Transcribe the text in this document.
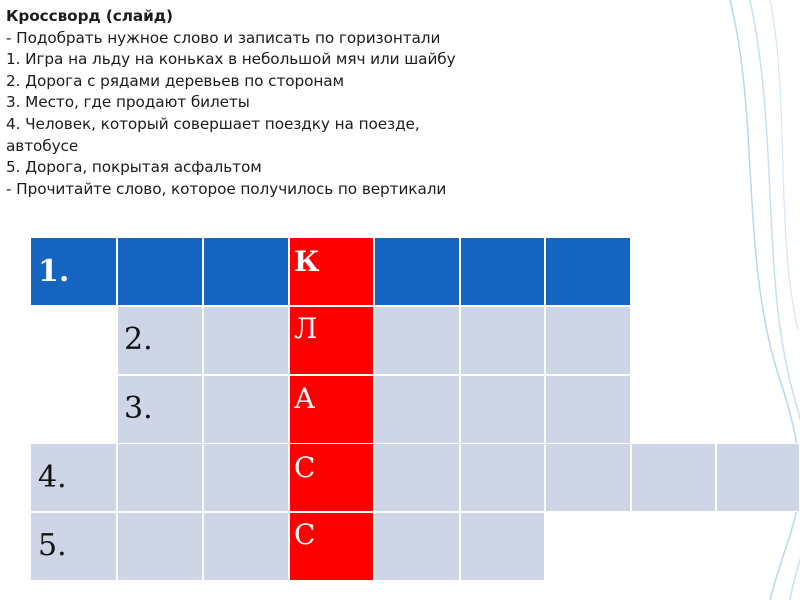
Кроссворд (слайд)
- Подобрать нужное слово и записать по горизонтали
1. Игра на льду на коньках в небольшой мяч или шайбу
2. Дорога с рядами деревьев по сторонам
3. Место, где продают билеты
4. Человек, который совершает поездку на поезде,
автобусе
5. Дорога, покрытая асфальтом
- Прочитайте слово, которое получилось по вертикали
1.
2.
3.
4.
5.
К
Л
А
С
С
